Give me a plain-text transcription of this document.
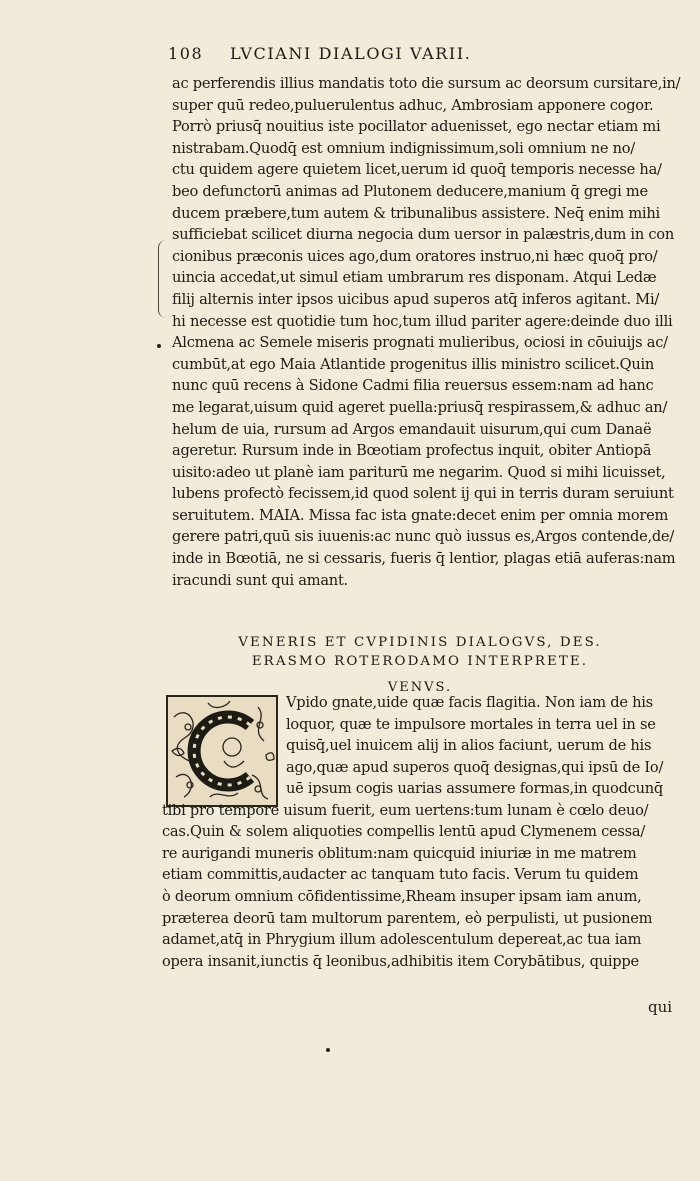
108 LVCIANI DIALOGI VARII.
ac perferendis illius mandatis toto die sursum ac deorsum cursitare,in/
super quū redeo,puluerulentus adhuc, Ambrosiam apponere cogor.
Porrò priusq̄ nouitius iste pocillator aduenisset, ego nectar etiam mi
nistrabam.Quodq̄ est omnium indignissimum,soli omnium ne no/
ctu quidem agere quietem licet,uerum id quoq̄ temporis necesse ha/
beo defunctorū animas ad Plutonem deducere,manium q̄ gregi me
ducem præbere,tum autem & tribunalibus assistere. Neq̄ enim mihi
sufficiebat scilicet diurna negocia dum uersor in palæstris,dum in con
cionibus præconis uices ago,dum oratores instruo,ni hæc quoq̄ pro/
uincia accedat,ut simul etiam umbrarum res disponam. Atqui Ledæ
filij alternis inter ipsos uicibus apud superos atq̄ inferos agitant. Mi/
hi necesse est quotidie tum hoc,tum illud pariter agere:deinde duo illi
Alcmena ac Semele miseris prognati mulieribus, ociosi in cōuiuijs ac/
cumbūt,at ego Maia Atlantide progenitus illis ministro scilicet.Quin
nunc quū recens à Sidone Cadmi filia reuersus essem:nam ad hanc
me legarat,uisum quid ageret puella:priusq̄ respirassem,& adhuc an/
helum de uia, rursum ad Argos emandauit uisurum,qui cum Danaë
ageretur. Rursum inde in Bœotiam profectus inquit, obiter Antiopā
uisito:adeo ut planè iam pariturū me negarim. Quod si mihi licuisset,
lubens profectò fecissem,id quod solent ij qui in terris duram seruiunt
seruitutem. MAIA. Missa fac ista gnate:decet enim per omnia morem
gerere patri,quū sis iuuenis:ac nunc quò iussus es,Argos contende,de/
inde in Bœotiā, ne si cessaris, fueris q̄ lentior, plagas etiā auferas:nam
iracundi sunt qui amant.
VENERIS ET CVPIDINIS DIALOGVS, DES.
ERASMO ROTERODAMO INTERPRETE.
VENVS.
Vpido gnate,uide quæ facis flagitia. Non iam de his
loquor, quæ te impulsore mortales in terra uel in se
quisq̄,uel inuicem alij in alios faciunt, uerum de his
ago,quæ apud superos quoq̄ designas,qui ipsū de Io/
uē ipsum cogis uarias assumere formas,in quodcunq̄
tibi pro tempore uisum fuerit, eum uertens:tum lunam è cœlo deuo/
cas.Quin & solem aliquoties compellis lentū apud Clymenem cessa/
re aurigandi muneris oblitum:nam quicquid iniuriæ in me matrem
etiam committis,audacter ac tanquam tuto facis. Verum tu quidem
ò deorum omnium cōfidentissime,Rheam insuper ipsam iam anum,
præterea deorū tam multorum parentem, eò perpulisti, ut pusionem
adamet,atq̄ in Phrygium illum adolescentulum depereat,ac tua iam
opera insanit,iunctis q̄ leonibus,adhibitis item Corybātibus, quippe
qui
